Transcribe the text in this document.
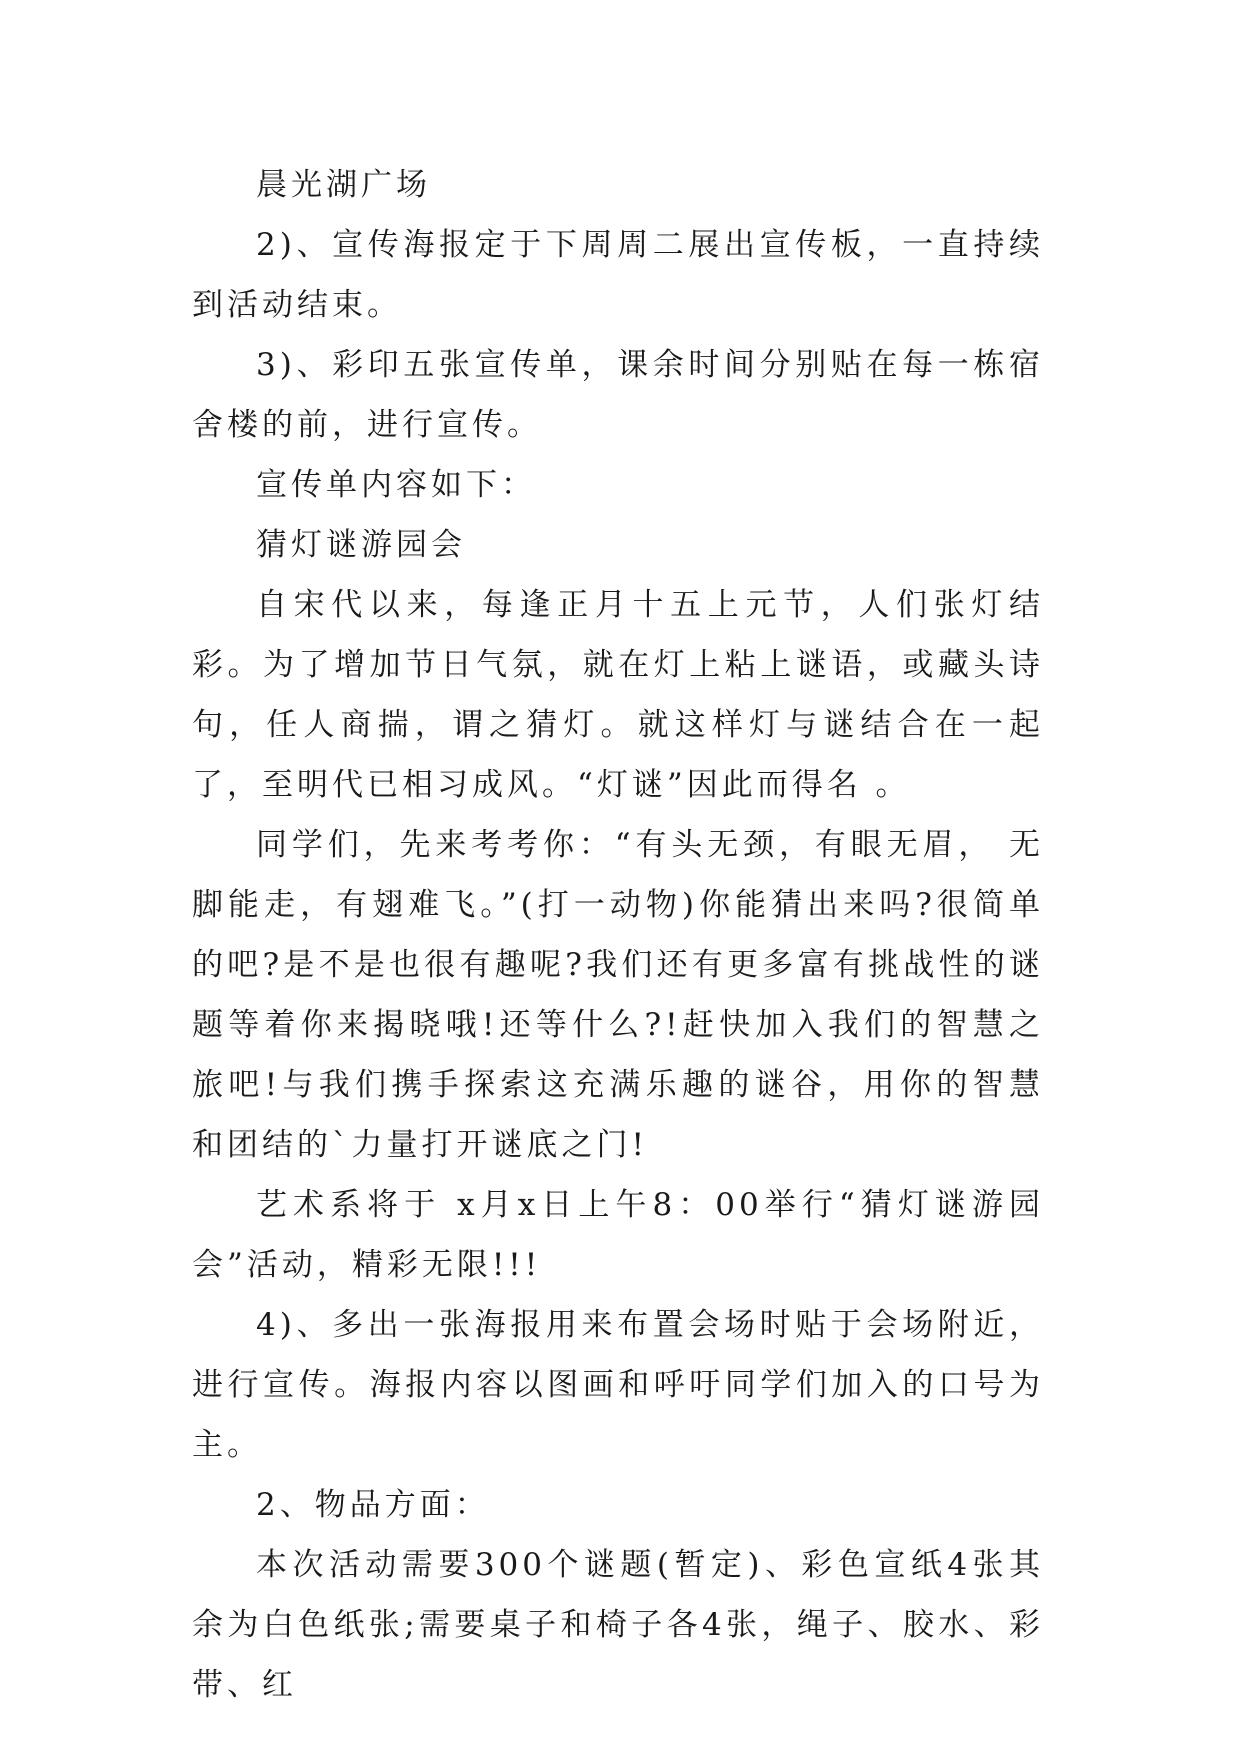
晨光湖广场

2)、宣传海报定于下周周二展出宣传板，一直持续到活动结束。

3)、彩印五张宣传单，课余时间分别贴在每一栋宿舍楼的前，进行宣传。

宣传单内容如下：

猜灯谜游园会

自宋代以来，每逢正月十五上元节，人们张灯结彩。为了增加节日气氛，就在灯上粘上谜语，或藏头诗句，任人商揣，谓之猜灯。就这样灯与谜结合在一起了，至明代已相习成风。“灯谜”因此而得名 。

同学们，先来考考你：“有头无颈，有眼无眉， 无脚能走，有翅难飞。”(打一动物)你能猜出来吗?很简单的吧?是不是也很有趣呢?我们还有更多富有挑战性的谜题等着你来揭晓哦!还等什么?!赶快加入我们的智慧之旅吧!与我们携手探索这充满乐趣的谜谷，用你的智慧和团结的`力量打开谜底之门!

艺术系将于 x月x日上午8：00举行“猜灯谜游园会”活动，精彩无限!!!

4)、多出一张海报用来布置会场时贴于会场附近，进行宣传。海报内容以图画和呼吁同学们加入的口号为主。

2、物品方面：

本次活动需要300个谜题(暂定)、彩色宣纸4张其余为白色纸张;需要桌子和椅子各4张，绳子、胶水、彩带、红
